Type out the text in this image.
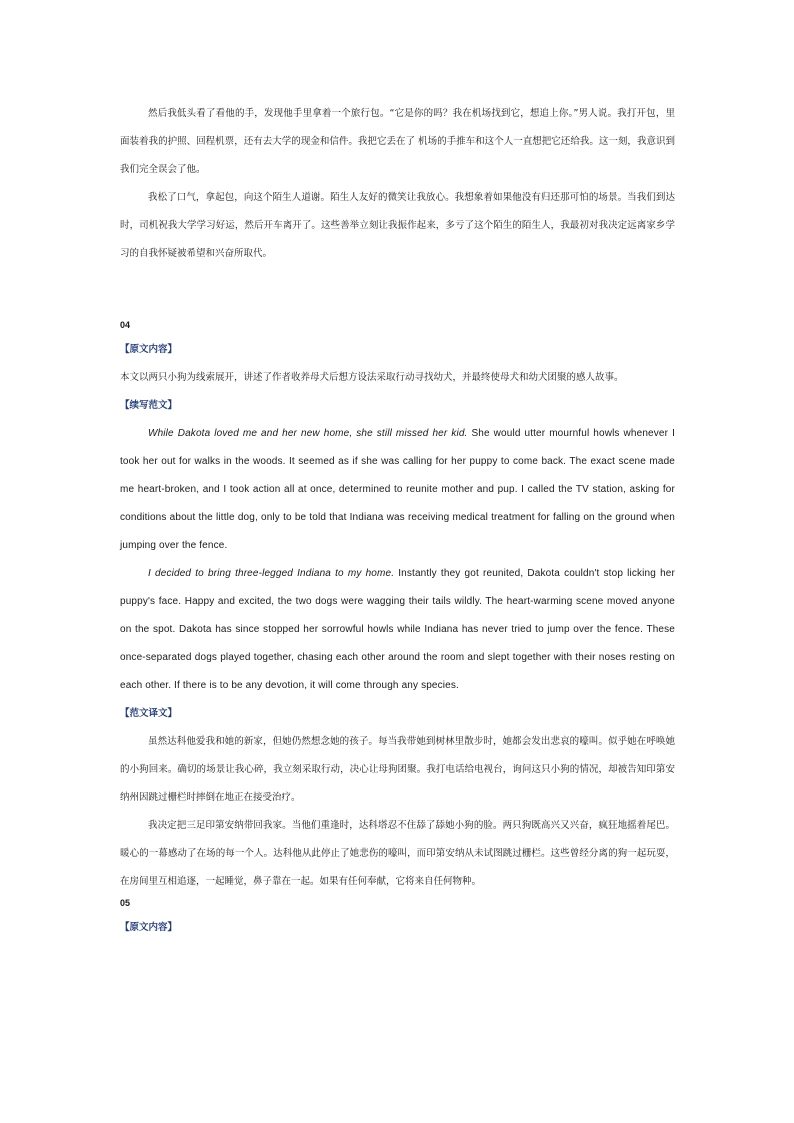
然后我低头看了看他的手，发现他手里拿着一个旅行包。“它是你的吗？我在机场找到它，想追上你。”男人说。我打开包，里面装着我的护照、回程机票，还有去大学的现金和信件。我把它丢在了 机场的手推车和这个人一直想把它还给我。这一刻，我意识到我们完全误会了他。

我松了口气，拿起包，向这个陌生人道谢。陌生人友好的微笑让我放心。我想象着如果他没有归还那可怕的场景。当我们到达时，司机祝我大学学习好运，然后开车离开了。这些善举立刻让我振作起来，多亏了这个陌生的陌生人，我最初对我决定远离家乡学习的自我怀疑被希望和兴奋所取代。

04

【原文内容】

本文以两只小狗为线索展开，讲述了作者收养母犬后想方设法采取行动寻找幼犬，并最终使母犬和幼犬团聚的感人故事。

【续写范文】

While Dakota loved me and her new home, she still missed her kid. She would utter mournful howls whenever I took her out for walks in the woods. It seemed as if she was calling for her puppy to come back. The exact scene made me heart-broken, and I took action all at once, determined to reunite mother and pup. I called the TV station, asking for conditions about the little dog, only to be told that Indiana was receiving medical treatment for falling on the ground when jumping over the fence.

I decided to bring three-legged Indiana to my home. Instantly they got reunited, Dakota couldn't stop licking her puppy's face. Happy and excited, the two dogs were wagging their tails wildly. The heart-warming scene moved anyone on the spot. Dakota has since stopped her sorrowful howls while Indiana has never tried to jump over the fence. These once-separated dogs played together, chasing each other around the room and slept together with their noses resting on each other. If there is to be any devotion, it will come through any species.

【范文译文】

虽然达科他爱我和她的新家，但她仍然想念她的孩子。每当我带她到树林里散步时，她都会发出悲哀的嚎叫。似乎她在呼唤她的小狗回来。确切的场景让我心碎，我立刻采取行动，决心让母狗团聚。我打电话给电视台，询问这只小狗的情况，却被告知印第安纳州因跳过栅栏时摔倒在地正在接受治疗。

我决定把三足印第安纳带回我家。当他们重逢时，达科塔忍不住舔了舔她小狗的脸。两只狗既高兴又兴奋，疯狂地摇着尾巴。暖心的一幕感动了在场的每一个人。达科他从此停止了她悲伤的嚎叫，而印第安纳从未试图跳过栅栏。这些曾经分离的狗一起玩耍，在房间里互相追逐，一起睡觉，鼻子靠在一起。如果有任何奉献，它将来自任何物种。

05

【原文内容】
